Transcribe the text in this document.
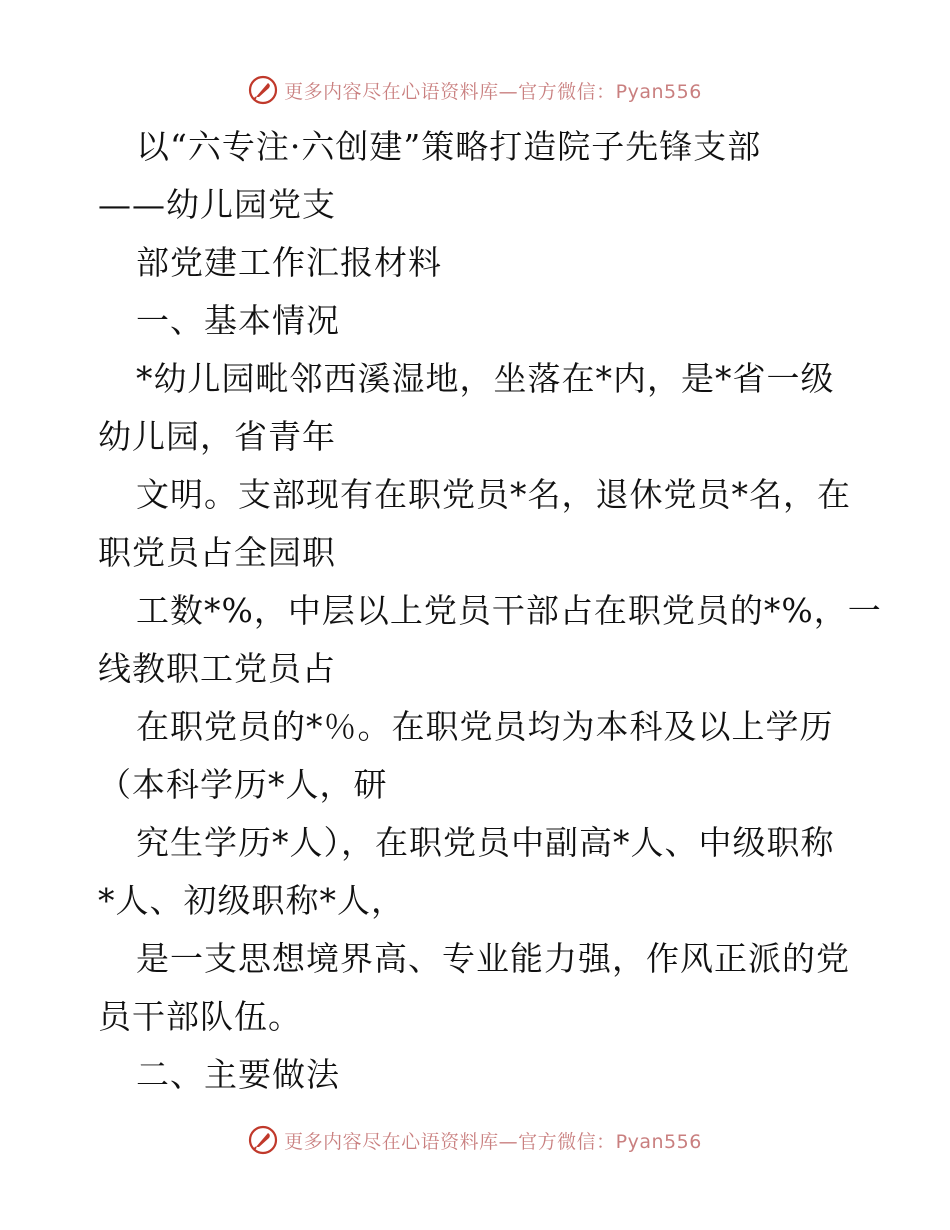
更多内容尽在心语资料库—官方微信：Pyan556
以“六专注·六创建”策略打造院子先锋支部
——幼儿园党支
部党建工作汇报材料
一、基本情况
*幼儿园毗邻西溪湿地，坐落在*内，是*省一级
幼儿园，省青年
文明。支部现有在职党员*名，退休党员*名，在
职党员占全园职
工数*%，中层以上党员干部占在职党员的*%，一
线教职工党员占
在职党员的*％。在职党员均为本科及以上学历
（本科学历*人，研
究生学历*人），在职党员中副高*人、中级职称
*人、初级职称*人，
是一支思想境界高、专业能力强，作风正派的党
员干部队伍。
二、主要做法
更多内容尽在心语资料库—官方微信：Pyan556
